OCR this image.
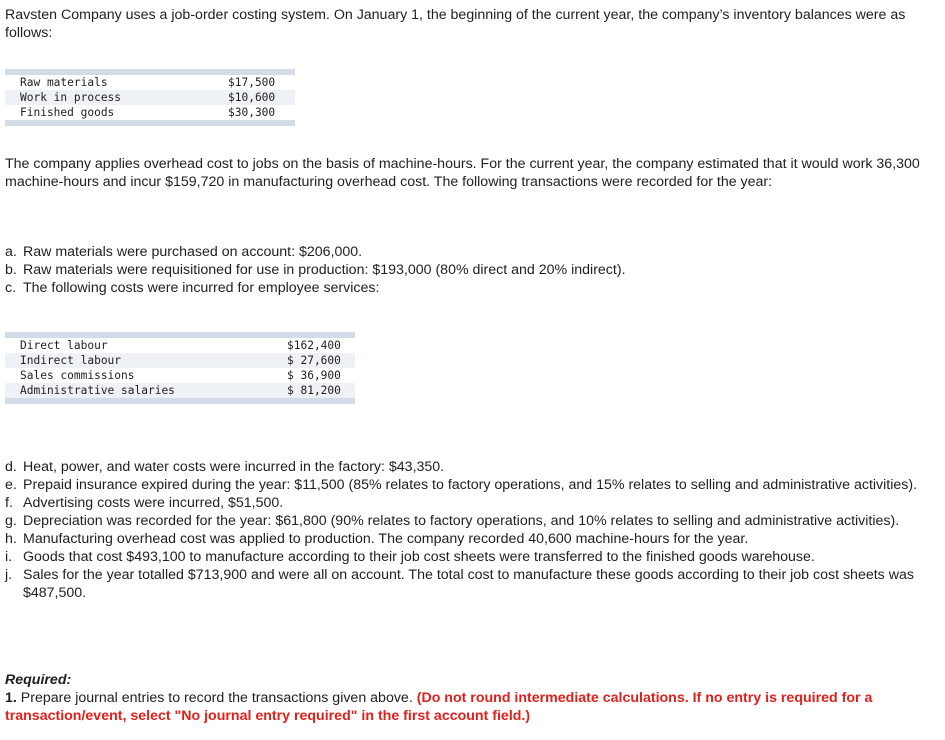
Ravsten Company uses a job-order costing system. On January 1, the beginning of the current year, the company’s inventory balances were as follows:

Raw materials	$17,500
Work in process	$10,600
Finished goods	$30,300

The company applies overhead cost to jobs on the basis of machine-hours. For the current year, the company estimated that it would work 36,300 machine-hours and incur $159,720 in manufacturing overhead cost. The following transactions were recorded for the year:

a. Raw materials were purchased on account: $206,000.
b. Raw materials were requisitioned for use in production: $193,000 (80% direct and 20% indirect).
c. The following costs were incurred for employee services:
Direct labour	$162,400
Indirect labour	$ 27,600
Sales commissions	$ 36,900
Administrative salaries	$ 81,200
d. Heat, power, and water costs were incurred in the factory: $43,350.
e. Prepaid insurance expired during the year: $11,500 (85% relates to factory operations, and 15% relates to selling and administrative activities).
f. Advertising costs were incurred, $51,500.
g. Depreciation was recorded for the year: $61,800 (90% relates to factory operations, and 10% relates to selling and administrative activities).
h. Manufacturing overhead cost was applied to production. The company recorded 40,600 machine-hours for the year.
i. Goods that cost $493,100 to manufacture according to their job cost sheets were transferred to the finished goods warehouse.
j. Sales for the year totalled $713,900 and were all on account. The total cost to manufacture these goods according to their job cost sheets was $487,500.

Required:
1. Prepare journal entries to record the transactions given above. (Do not round intermediate calculations. If no entry is required for a transaction/event, select "No journal entry required" in the first account field.)
